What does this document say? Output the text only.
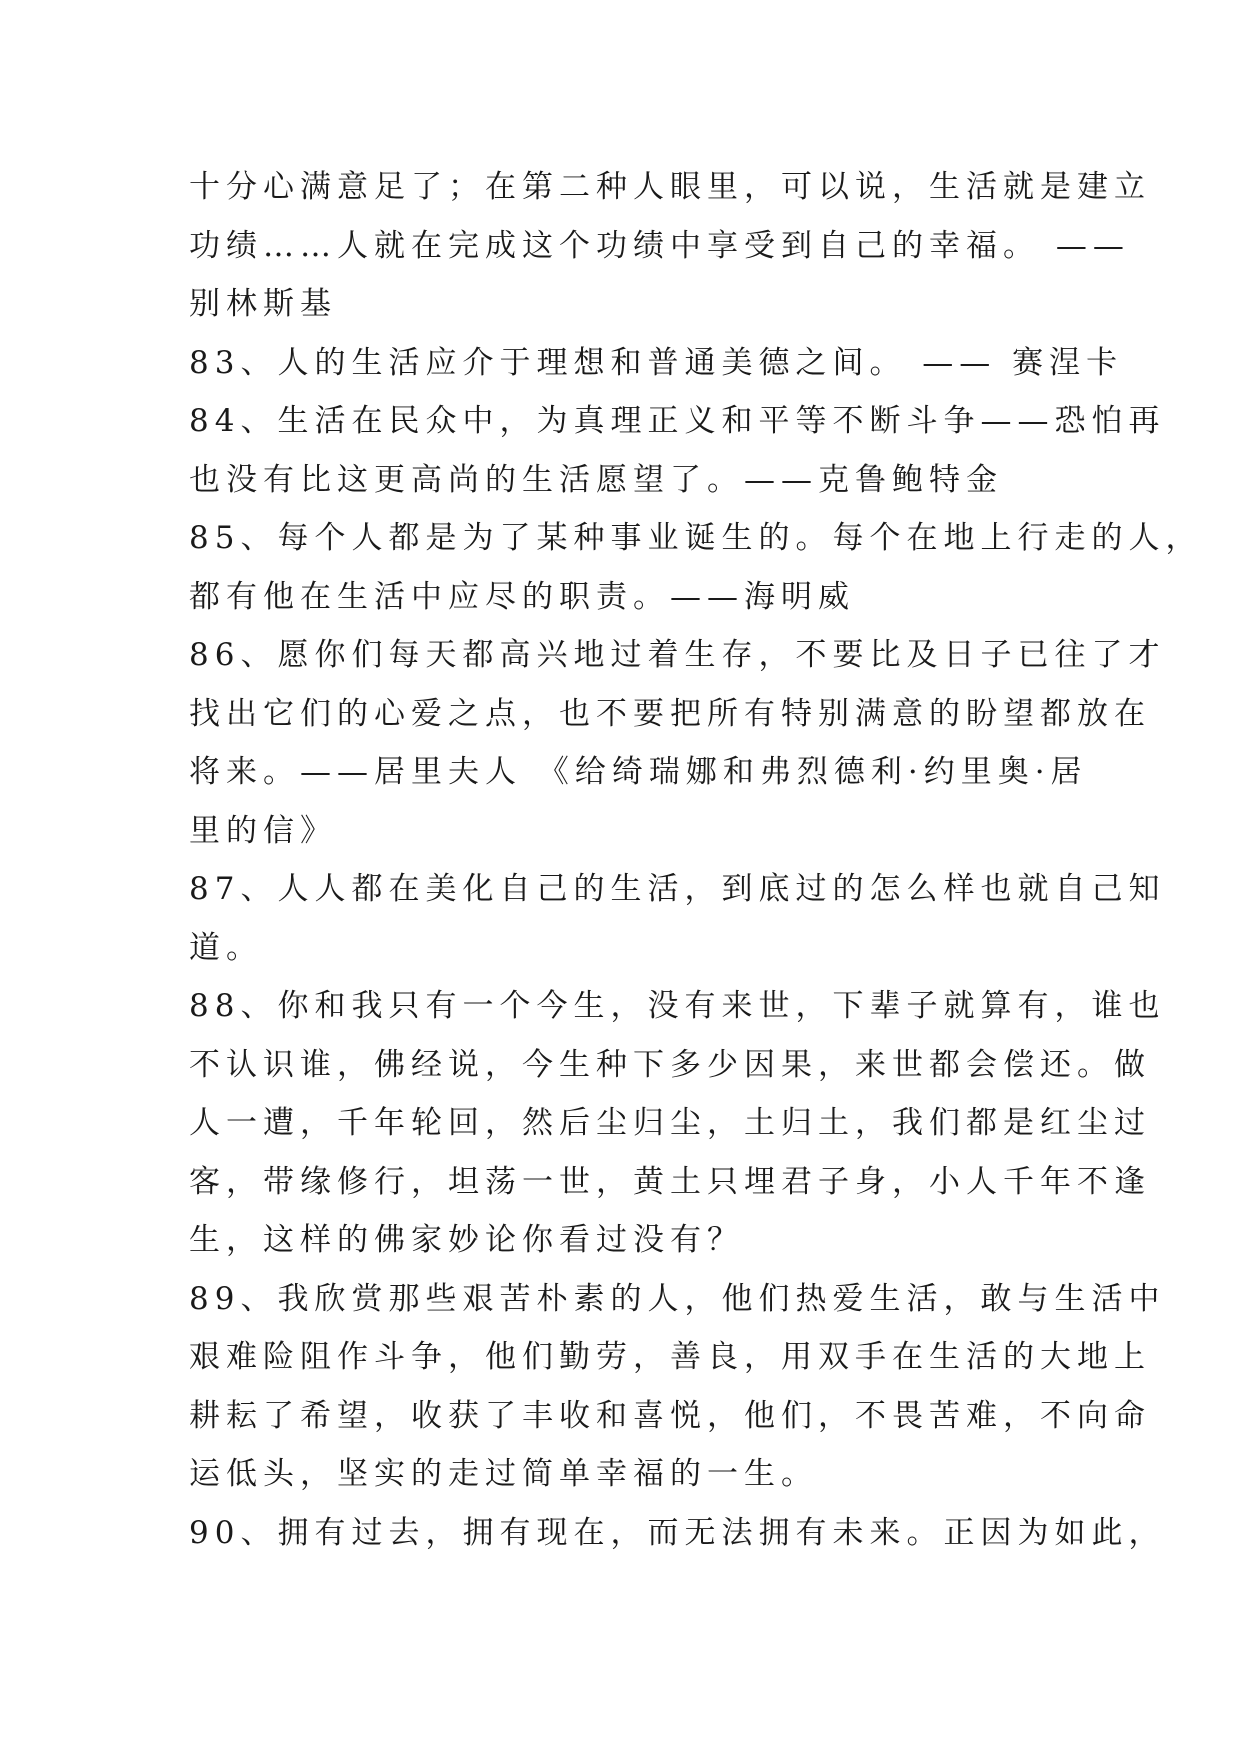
十分心满意足了；在第二种人眼里，可以说，生活就是建立
功绩……人就在完成这个功绩中享受到自己的幸福。 ——
别林斯基
83、人的生活应介于理想和普通美德之间。 —— 赛涅卡
84、生活在民众中，为真理正义和平等不断斗争——恐怕再
也没有比这更高尚的生活愿望了。——克鲁鲍特金
85、每个人都是为了某种事业诞生的。每个在地上行走的人，
都有他在生活中应尽的职责。——海明威
86、愿你们每天都高兴地过着生存，不要比及日子已往了才
找出它们的心爱之点，也不要把所有特别满意的盼望都放在
将来。——居里夫人 《给绮瑞娜和弗烈德利·约里奥·居
里的信》
87、人人都在美化自己的生活，到底过的怎么样也就自己知
道。
88、你和我只有一个今生，没有来世，下辈子就算有，谁也
不认识谁，佛经说，今生种下多少因果，来世都会偿还。做
人一遭，千年轮回，然后尘归尘，土归土，我们都是红尘过
客，带缘修行，坦荡一世，黄土只埋君子身，小人千年不逢
生，这样的佛家妙论你看过没有？
89、我欣赏那些艰苦朴素的人，他们热爱生活，敢与生活中
艰难险阻作斗争，他们勤劳，善良，用双手在生活的大地上
耕耘了希望，收获了丰收和喜悦，他们，不畏苦难，不向命
运低头，坚实的走过简单幸福的一生。
90、拥有过去，拥有现在，而无法拥有未来。正因为如此，
